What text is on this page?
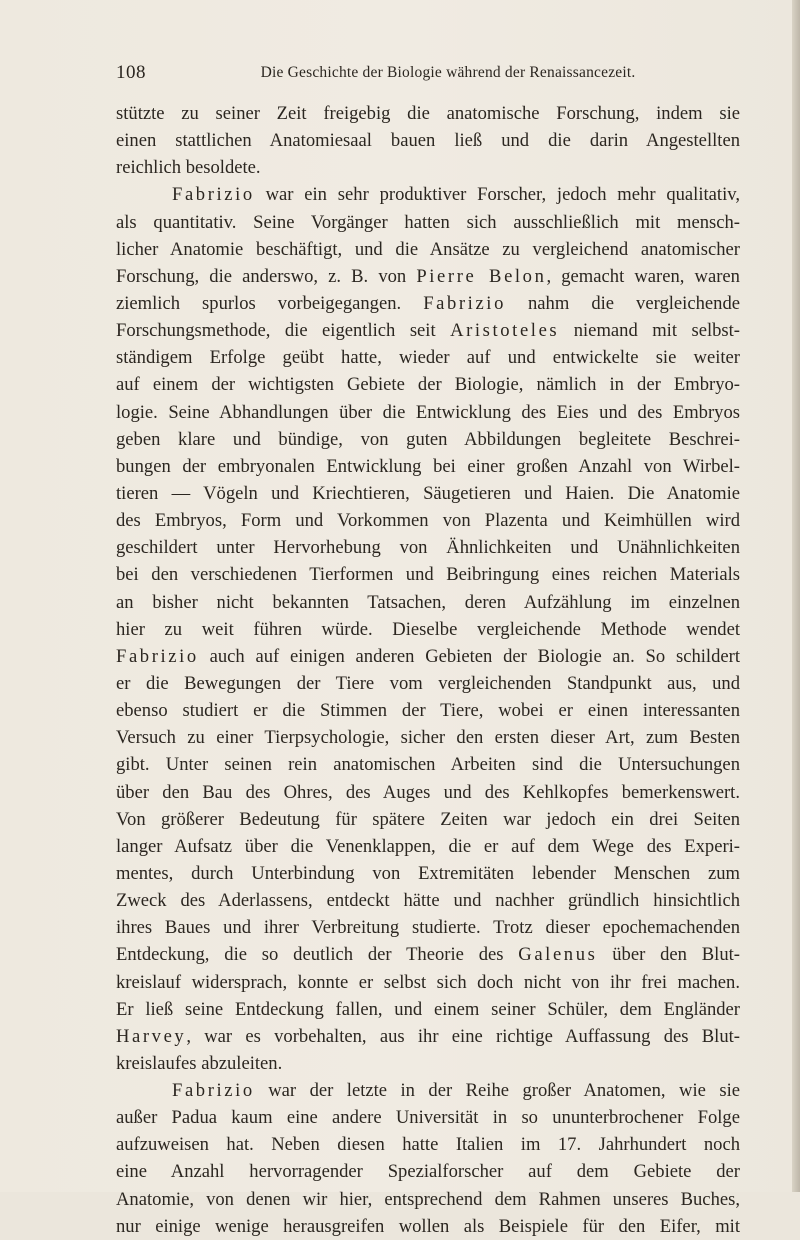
108	Die Geschichte der Biologie während der Renaissancezeit.
stützte zu seiner Zeit freigebig die anatomische Forschung, indem sie
einen stattlichen Anatomiesaal bauen ließ und die darin Angestellten
reichlich besoldete.
Fabrizio war ein sehr produktiver Forscher, jedoch mehr qualitativ,
als quantitativ. Seine Vorgänger hatten sich ausschließlich mit mensch-
licher Anatomie beschäftigt, und die Ansätze zu vergleichend anatomischer
Forschung, die anderswo, z. B. von Pierre Belon, gemacht waren, waren
ziemlich spurlos vorbeigegangen. Fabrizio nahm die vergleichende
Forschungsmethode, die eigentlich seit Aristoteles niemand mit selbst-
ständigem Erfolge geübt hatte, wieder auf und entwickelte sie weiter
auf einem der wichtigsten Gebiete der Biologie, nämlich in der Embryo-
logie. Seine Abhandlungen über die Entwicklung des Eies und des Embryos
geben klare und bündige, von guten Abbildungen begleitete Beschrei-
bungen der embryonalen Entwicklung bei einer großen Anzahl von Wirbel-
tieren — Vögeln und Kriechtieren, Säugetieren und Haien. Die Anatomie
des Embryos, Form und Vorkommen von Plazenta und Keimhüllen wird
geschildert unter Hervorhebung von Ähnlichkeiten und Unähnlichkeiten
bei den verschiedenen Tierformen und Beibringung eines reichen Materials
an bisher nicht bekannten Tatsachen, deren Aufzählung im einzelnen
hier zu weit führen würde. Dieselbe vergleichende Methode wendet
Fabrizio auch auf einigen anderen Gebieten der Biologie an. So schildert
er die Bewegungen der Tiere vom vergleichenden Standpunkt aus, und
ebenso studiert er die Stimmen der Tiere, wobei er einen interessanten
Versuch zu einer Tierpsychologie, sicher den ersten dieser Art, zum Besten
gibt. Unter seinen rein anatomischen Arbeiten sind die Untersuchungen
über den Bau des Ohres, des Auges und des Kehlkopfes bemerkenswert.
Von größerer Bedeutung für spätere Zeiten war jedoch ein drei Seiten
langer Aufsatz über die Venenklappen, die er auf dem Wege des Experi-
mentes, durch Unterbindung von Extremitäten lebender Menschen zum
Zweck des Aderlassens, entdeckt hätte und nachher gründlich hinsichtlich
ihres Baues und ihrer Verbreitung studierte. Trotz dieser epochemachenden
Entdeckung, die so deutlich der Theorie des Galenus über den Blut-
kreislauf widersprach, konnte er selbst sich doch nicht von ihr frei machen.
Er ließ seine Entdeckung fallen, und einem seiner Schüler, dem Engländer
Harvey, war es vorbehalten, aus ihr eine richtige Auffassung des Blut-
kreislaufes abzuleiten.
Fabrizio war der letzte in der Reihe großer Anatomen, wie sie
außer Padua kaum eine andere Universität in so ununterbrochener Folge
aufzuweisen hat. Neben diesen hatte Italien im 17. Jahrhundert noch
eine Anzahl hervorragender Spezialforscher auf dem Gebiete der
Anatomie, von denen wir hier, entsprechend dem Rahmen unseres Buches,
nur einige wenige herausgreifen wollen als Beispiele für den Eifer, mit
